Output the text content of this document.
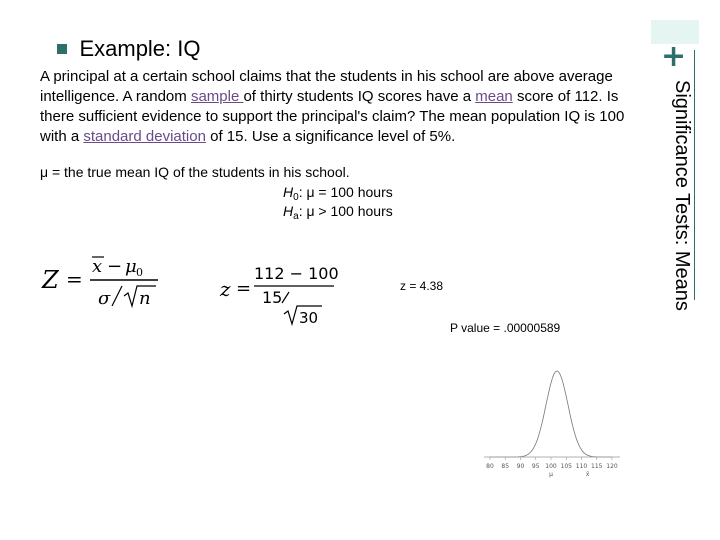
+
Significance Tests: Means
Example: IQ

A principal at a certain school claims that the students in his school are above average intelligence. A random sample of thirty students IQ scores have a mean score of 112. Is there sufficient evidence to support the principal's claim? The mean population IQ is 100 with a standard deviation of 15. Use a significance level of 5%.

μ = the true mean IQ of the students in his school.
$H_0$: μ = 100 hours
$H_a$: μ > 100 hours
Z =
x − μ 0
σ n	z =
112 − 100
15
30
z = 4.38
P value = .00000589
80 85 90 95 100 105 110 115 120
μ	x̄
